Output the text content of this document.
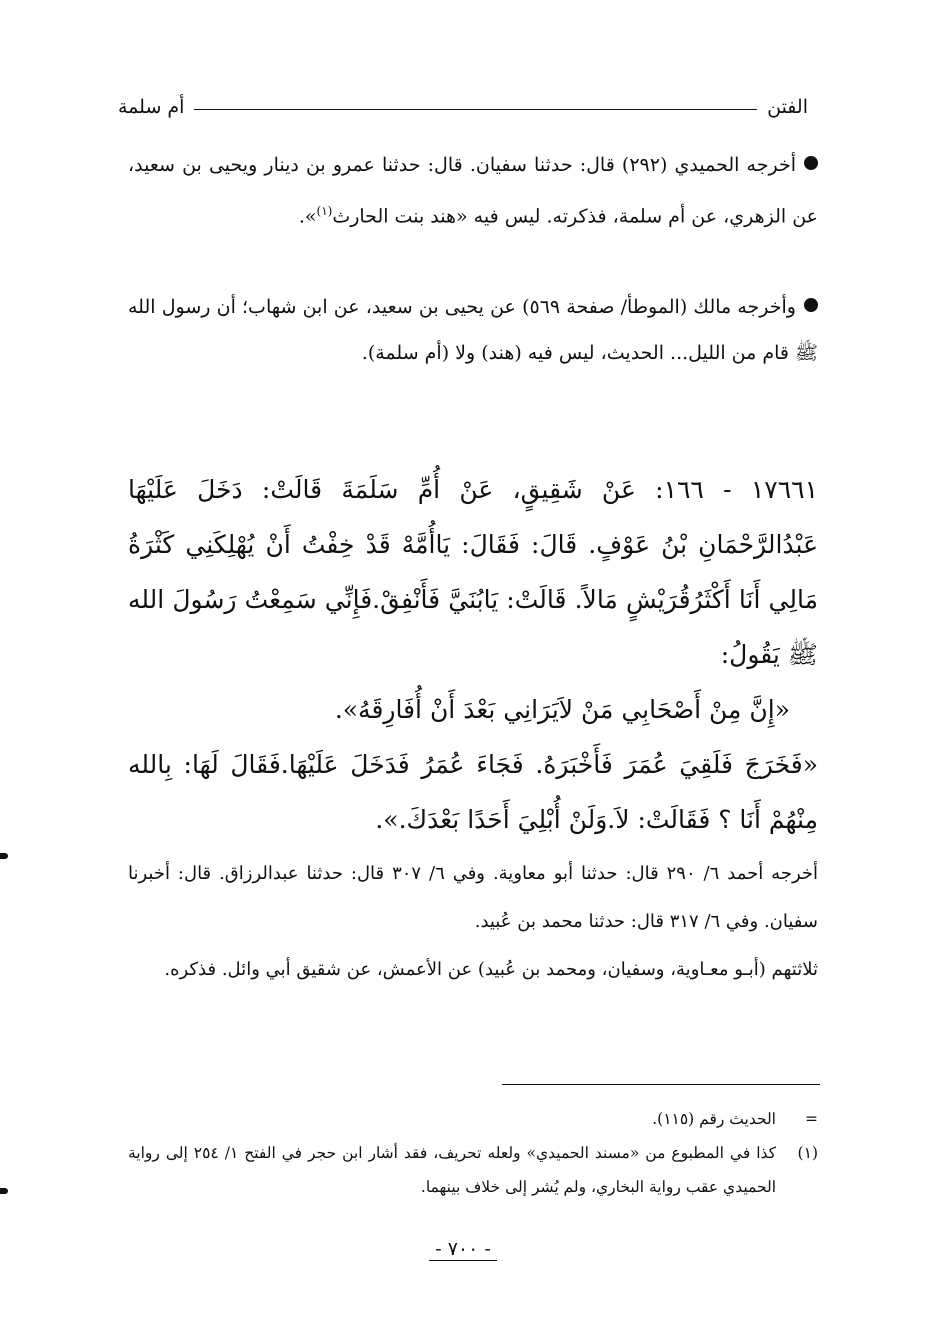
الفتن
أم سلمة
أخرجه الحميدي (٢٩٢) قال: حدثنا سفيان. قال: حدثنا عمرو بن دينار ويحيى بن سعيد، عن الزهري، عن أم سلمة، فذكرته. ليس فيه «هند بنت الحارث$^{(١)}$».
وأخرجه مالك (الموطأ/ صفحة ٥٦٩) عن يحيى بن سعيد، عن ابن شهاب؛ أن رسول الله ﷺ قام من الليل... الحديث، ليس فيه (هند) ولا (أم سلمة).

١٧٦٦١ - ١٦٦: عَنْ شَقِيقٍ، عَنْ أُمِّ سَلَمَةَ قَالَتْ: دَخَلَ عَلَيْهَا عَبْدُالرَّحْمَانِ بْنُ عَوْفٍ. قَالَ: فَقَالَ: يَاأُمَّهْ قَدْ خِفْتُ أَنْ يُهْلِكَنِي كَثْرَةُ مَالِي أَنَا أَكْثَرُقُرَيْشٍ مَالاً. قَالَتْ: يَابُنَيَّ فَأَنْفِقْ.فَإِنِّي سَمِعْتُ رَسُولَ الله ﷺ يَقُولُ:

«إِنَّ مِنْ أَصْحَابِي مَنْ لاَيَرَانِي بَعْدَ أَنْ أُفَارِقَهُ».

«فَخَرَجَ فَلَقِيَ عُمَرَ فَأَخْبَرَهُ. فَجَاءَ عُمَرُ فَدَخَلَ عَلَيْهَا.فَقَالَ لَهَا: بِالله مِنْهُمْ أَنَا ؟ فَقَالَتْ: لاَ.وَلَنْ أُبْلِيَ أَحَدًا بَعْدَكَ.».

أخرجه أحمد ٦/ ٢٩٠ قال: حدثنا أبو معاوية. وفي ٦/ ٣٠٧ قال: حدثنا عبدالرزاق. قال: أخبرنا سفيان. وفي ٦/ ٣١٧ قال: حدثنا محمد بن عُبيد.

ثلاثتهم (أبـو معـاوية، وسفيان، ومحمد بن عُبيد) عن الأعمش، عن شقيق أبي وائل. فذكره.

=
الحديث رقم (١١٥).
(١)
كذا في المطبوع من «مسند الحميدي» ولعله تحريف، فقد أشار ابن حجر في الفتح ١/ ٢٥٤ إلى رواية الحميدي عقب رواية البخاري، ولم يُشر إلى خلاف بينهما.
- ٧٠٠ -
